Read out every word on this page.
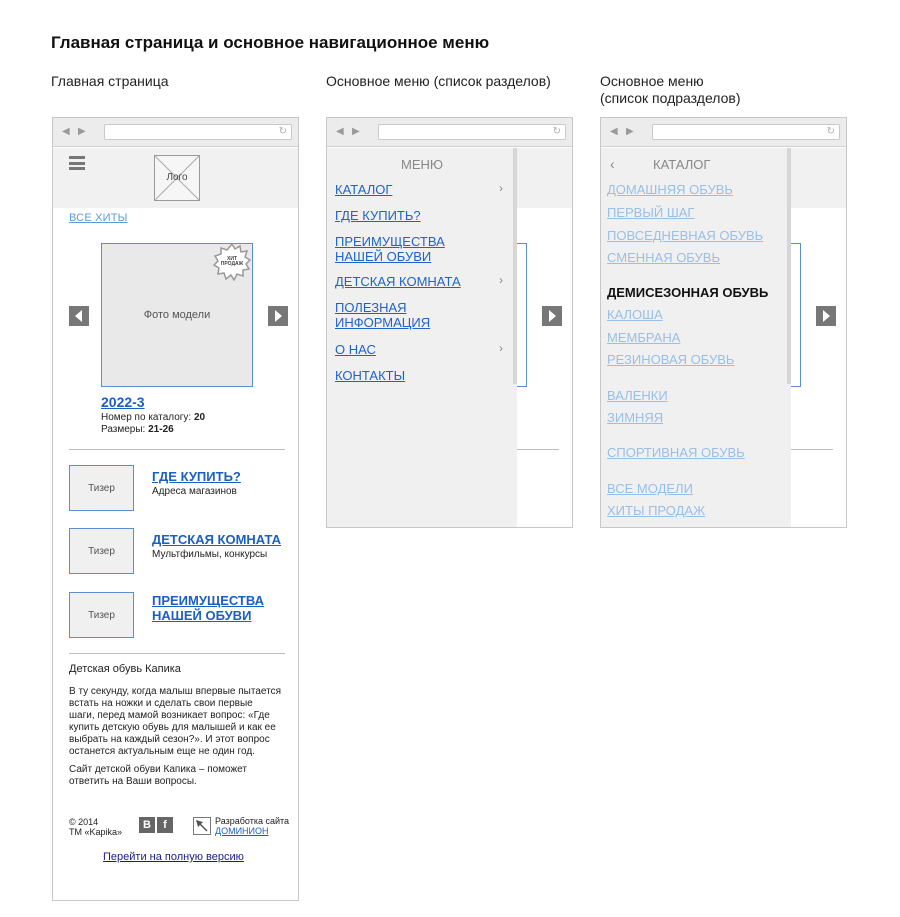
Главная страница и основное навигационное меню
Главная страница	Основное меню (список разделов)	Основное меню
(список подразделов)
◀ ▶	↻
Лого
ВСЕ ХИТЫ
Фото модели
ХИТ ПРОДАЖ
2022-3
Номер по каталогу: 20
Размеры: 21-26
Тизер
ГДЕ КУПИТЬ?
Адреса магазинов
Тизер
ДЕТСКАЯ КОМНАТА
Мультфильмы, конкурсы
Тизер
ПРЕИМУЩЕСТВА НАШЕЙ ОБУВИ
Детская обувь Капика
В ту секунду, когда малыш впервые пытается встать на ножки и сделать свои первые шаги, перед мамой возникает вопрос: «Где купить детскую обувь для малышей и как ее выбрать на каждый сезон?». И этот вопрос останется актуальным еще не один год.
Сайт детской обуви Капика – поможет ответить на Ваши вопросы.
© 2014
ТМ «Kapika»
В	f	Разработка сайта
ДОМИНИОН
Перейти на полную версию
◀ ▶	↻
МЕНЮ
КАТАЛОГ	›
ГДЕ КУПИТЬ?
ПРЕИМУЩЕСТВА НАШЕЙ ОБУВИ
ДЕТСКАЯ КОМНАТА	›
ПОЛЕЗНАЯ ИНФОРМАЦИЯ
О НАС	›
КОНТАКТЫ
◀ ▶	↻
‹	КАТАЛОГ
ДОМАШНЯЯ ОБУВЬ
ПЕРВЫЙ ШАГ
ПОВСЕДНЕВНАЯ ОБУВЬ
СМЕННАЯ ОБУВЬ
ДЕМИСЕЗОННАЯ ОБУВЬ
КАЛОША
МЕМБРАНА
РЕЗИНОВАЯ ОБУВЬ
ВАЛЕНКИ
ЗИМНЯЯ
СПОРТИВНАЯ ОБУВЬ
ВСЕ МОДЕЛИ
ХИТЫ ПРОДАЖ
